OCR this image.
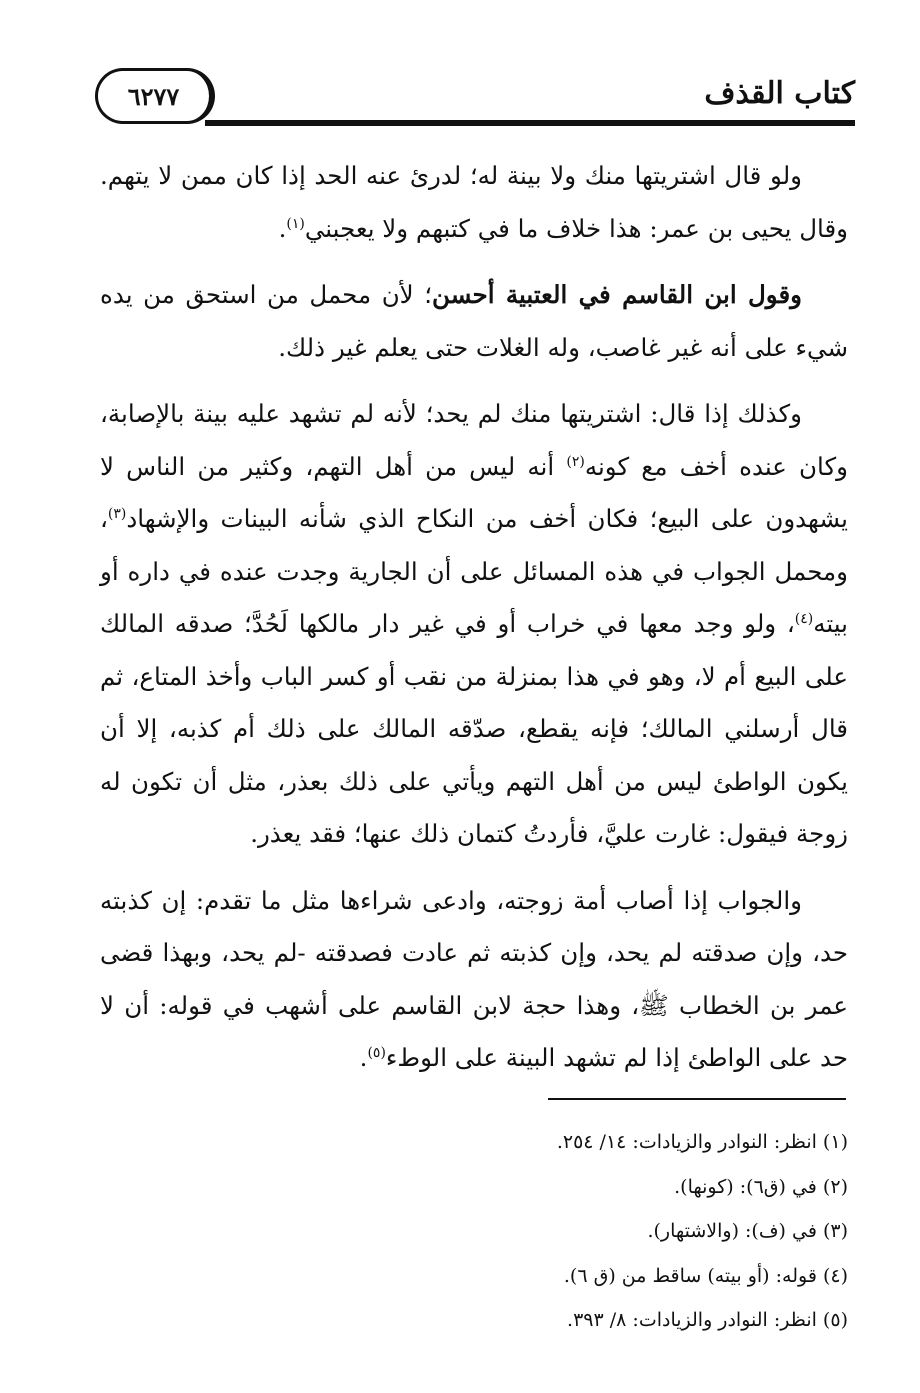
٦٢٧٧	كتاب القذف

ولو قال اشتريتها منك ولا بينة له؛ لدرئ عنه الحد إذا كان ممن لا يتهم. وقال يحيى بن عمر: هذا خلاف ما في كتبهم ولا يعجبني$^{(١)}$.

وقول ابن القاسم في العتبية أحسن؛ لأن محمل من استحق من يده شيء على أنه غير غاصب، وله الغلات حتى يعلم غير ذلك.

وكذلك إذا قال: اشتريتها منك لم يحد؛ لأنه لم تشهد عليه بينة بالإصابة، وكان عنده أخف مع كونه$^{(٢)}$ أنه ليس من أهل التهم، وكثير من الناس لا يشهدون على البيع؛ فكان أخف من النكاح الذي شأنه البينات والإشهاد$^{(٣)}$، ومحمل الجواب في هذه المسائل على أن الجارية وجدت عنده في داره أو بيته$^{(٤)}$، ولو وجد معها في خراب أو في غير دار مالكها لَحُدَّ؛ صدقه المالك على البيع أم لا، وهو في هذا بمنزلة من نقب أو كسر الباب وأخذ المتاع، ثم قال أرسلني المالك؛ فإنه يقطع، صدّقه المالك على ذلك أم كذبه، إلا أن يكون الواطئ ليس من أهل التهم ويأتي على ذلك بعذر، مثل أن تكون له زوجة فيقول: غارت عليَّ، فأردتُ كتمان ذلك عنها؛ فقد يعذر.

والجواب إذا أصاب أمة زوجته، وادعى شراءها مثل ما تقدم: إن كذبته حد، وإن صدقته لم يحد، وإن كذبته ثم عادت فصدقته -لم يحد، وبهذا قضى عمر بن الخطاب ﷺ، وهذا حجة لابن القاسم على أشهب في قوله: أن لا حد على الواطئ إذا لم تشهد البينة على الوطء$^{(٥)}$.

(١) انظر: النوادر والزيادات: ١٤/ ٢٥٤.
(٢) في (ق٦): (كونها).
(٣) في (ف): (والاشتهار).
(٤) قوله: (أو بيته) ساقط من (ق ٦).
(٥) انظر: النوادر والزيادات: ٨/ ٣٩٣.
